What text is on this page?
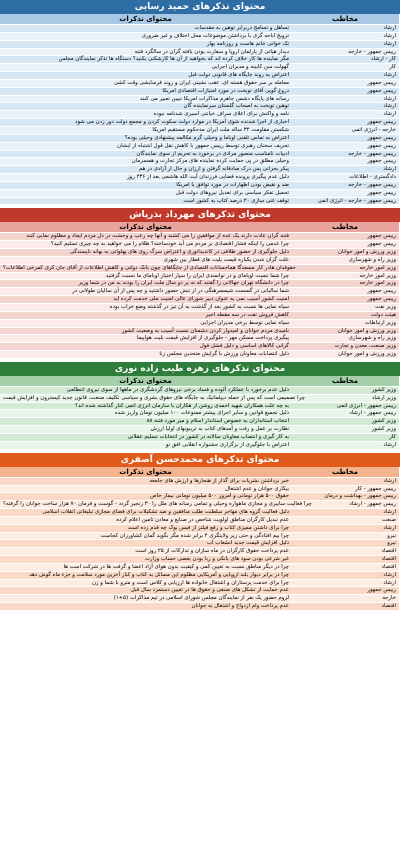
محتوای تذکرهای حمید رسایی
مخاطب
محتوای تذکرات
ارشاد
تساهل و تسامح دربرابر توهین به مقدسات
ارشاد
ترویج اباحه گری با برداشتن موضوعات محل اختلاف و غیر ضروری
ارشاد
تک خوانی خانم هاست و روزنامه بهار
رییس جمهور - خارجه
دیدار هیاتی از پارلمان اروپا و سفارت بودن یافته گران در سالگرد فتنه
کار - ارشاد
مگر نماینده ها کار خلاف کرده اند که بخواهید از آن ها کارشکنی بکنید؟ دستگاه ها تذکر نمایندگان مجلس
کار
گهولت سن کابینه و مدیران اجرایی
ارشاد
اعتراض به روند جایگاه های قانونی دولت قبل
رییس جمهور
معامله بر سر حقوق هسته ای، عقب نشینی ایران و روند فرسایشی وقت کشی
رییس جمهور
دروغ گویی آقای توبخت در مورد امتیازات اقتصادی امریکا
ارشاد
رسانه های پایگاه دشمن جاهرم مذاکرات امریکا تبیین تعبیر می کنند
ارشاد
توهین توبخت به اصحاب گلستان سرنماینده گان
ارشاد
نامه و واکنش برای اعلای سراف خیانتی اسیری شدنامه نبوده
رییس جمهور
اخباری از اجرا شدنده شوی آمریکا در موارد دولت سکوت کردن و مجمع دولت دور زدن می شود
خارجه - انرژی اتمی
شکستن مقاومت ۳۴ ساله ملت ایران مدحکوم مستقیم امریکا
رییس جمهور
اعتراض به تماس تلفنی اوباما و وحیلی گرم مکالمه پیشنهادی وحیلی بوده؟
رییس جمهور
تحریف سخنان رهبری توسط رییس جمهور با کاهش نقل قول اشتباه از ایشان
رییس جمهور - خارجه
ادبیات نامناسب منصور مرادی در برخورد به تحریم از سوی نمایندگان
رییس جمهور
وحیلی مطلق در پی حمایت کرده نماینده های مرکز تجارت و همسرمان
ارشاد
پیکر بحرانی پس درک صادقانه گرفتن و ارزان و حال ار آزادی در هم
دادگستری - اطلاعات
دلیل عدم پیگیری پرونده قضایی فرزندان آیت الله هاشمی بعد از ۴۳۶ روز
رییس جمهور - خارجه
ضد و نقیض بودن اظهارات در مورد توافق با امریکا
رییس جمهور
تحمیل تفکر سیاسی برای تعدیل نیروهای دولت قبل
رییس جمهور - خارجه - انرژی اتمی
توقف غنی سازی ۲۰ درصد کتاب به کشور است
محتوای تذکرهای مهرداد بذرپاش
مخاطب
محتوای تذکرات
رییس جمهور
فتنه گران عادت دارند یک عده از موافقین را می کشند و آنها چه رعب و وحشت در دل مردم ایجاد و مظلوم نمایی کنند
رییس جمهور
چرا عدمی را اینکه فشار اقتصادی بر مردم می آید خودساخته؟ ظلام را می خواهید به چه چیزی تسلیم کنید؟
وزیر ورزش و امور جوانان
دلیل جلوگیری از حضور طلافی در کاندیداتوری و اعتراض سرگ روی های پهلوانی به بهانه ناپسندگی
وزیر راه و شهرسازی
علت گران شدن یکباره قیمت بلیت های قطار بین شهری
وزیر امور خارجه
حقوقدان هادر کار مسعدگا هماحسانات اقتصادی از جایگاهای چون بانک دولتی و کاهش اطلاعات از آقای جان کری کمرخی اطلاعات؟
وزیر امور خارجه
چرا شما نسبت اوبامای و در توانمندی ایران را سپار اختیار اوبامای ما نسبت گرفتید
وزیر امور خارجه
چرا در دانشگاه تهران جهالانی را گفتند که نه بر دو سال ملت ایران را بودند به من در شما وزیر
رییس جمهور
شما سالیانی در گسست شیمسرهنگی در از تنش حضور داشتید و چه پس از آن سالیان طولانی در
رییس جمهور
امنیت کشور آسیب نمی به عنوان دبیر شورای عالی امنیت ملی خدمت کرده اید
وزیر نفت
سیاه نمایی ها نسبت به کشور بعد از گذشت به آن تیز در گذشته وضع خراب بوده
هیئت دولت
کاهش فروش نفت در سه مقطه اخیر
وزیر ارتباطات
سیاه نمایی توسط برخی مدیران اجرایی
وزیر ورزش و امور جوانان
نامیدی مردم جوانان و امیدوار کردن دشمنان نسبت آسیب به وضعیت کشور
وزیر راه و شهرسازی
پیگیری پرداخت مسکن مهر - جلوگیری از افزایش قیمت بلیت هواپیما
وزیر صنعت، معدن و تجارت
گرانی کالاهای اساسی و دلیل فشل فول
وزیر ورزش و امور جوانان
دلیل انتصابات معاونان ورزش با گرایش متحدین مجلس زنا
محتوای تذکرهای زهره طیب زاده نوری
مخاطب
محتوای تذکرات
وزیر کشور
دلیل عدم برخورد با عملکرد آلوده و فساد برخی نیروهای گردشگری در ماهها از سوی نیروی انتظامی
وزیر ارشاد
چرا تصمیمی است که پس از حمله دیپلماتیک به جایگاه های حقوق بشری و سیاسی تکلیف صنعت، قانون جدید کیسترون و افزایش قیمت
رییس جمهور - انرژی اتمی
به چه علت همکاران شهید احمدی روشن از هکاران با سازمان انرژی اتمی کنار گذاشته شده اند؟
رییس جمهور - ارشاد
دلیل تجمیع قوانین و سایر اجرای پیشتر ممنوعات ۱۰۰ میلیون تومان واریز شده
وزیر کشور
انتخاب استانداران به خصوص استاندار اسلام و میر مورد فتنه ۸۸
وزیر کشور
نظارت بر عمل و رفت و آمدهای کتاب به تریبونهای اولیا ارزش
کار
به کار گیری و انتصاب معاونان سالانه در کشور در انتخابات تسلیم عقلانی
ارشاد
اعتراض با جلوگیری از برگزاری جشنواره انقلابی افق نو
محتوای تذکرهای محمدحسن آصفری
مخاطب
محتوای تذکرات
ارشاد
خبر برداشتن نشریات برای گذار از هنجارها و ارزش های جامعه
رییس جمهور - کار
بیکاری جوانان و عدم اشتغال
رییس جمهور - بهداشت و درمان
حقوق ۵۰۰ هزار تومانی و امروز ۵۰۰ میلیون تومانی بیمار خاص
رییس جمهور - ارشاد
چرا فعالیت سایبری و مجازی ماهواره وحیلی و تمامی رسانه های ملل را ۳۰ زنجیر گردد - گوست و فرمان ۷۰ هزار ساخت جوانان را گرفته؟
ارشاد
دلیل فعالیت گروه های مهاجر سلطنت طلب منافقین و ضد تشکیلات برای فضای مجازی تبلیغاتی انقلاب اسلامی
صنعت
عدم تبدیل کارگران مناطق اولویت شاخص در صنایع و معادن تامین اعلام کرده
ارشاد
چرا برای داشتن ممیزی کتاب و رفع فیلتر از فیس بوک چه قدم زده است
نیرو
چرا بیم افتادگی و حتی زیر ولایتگری ۴ برابر شده مگر بگوید گمان کشاورزان کجاست
نیرو
دلیل افزایش قیمت جدید انشعاب آب
اقتصاد
عدم پرداخت حقوق کارگران در ماه سازان و تدارکات از ۲۵ روز است
اقتصاد
غیر شرعی بودن سود های بانکی و ربا بودن بعضی حساب وزارت
اقتصاد
چرا در دیگر مناطق نسبت به تعیین کمی و کیفیت بدون هوای آزاد اعضا و گرفت ها در شرکت است ها
ارشاد
چرا در برابر دیوار بلند اروپایی و آمریکایی مظلوم این مسائل به کتاب و کنار آخرین مورد سلامت و جزء ماه گوش دهد
ارشاد
چرا برای خدمت پرستاران و اشتغال خانواده ها ارزیابی و کلاس است و مترو با شما و زن
رییس جمهور
عدم حمایت از تشکل های صنفی و حقوق ها در تعیین دستمزد سال قبل
خارجه
لزوم حضور یک نفر از نمایندگان مجلس شورای اسلامی در تیم مذاکرات (۵+۱)
اقتصاد
عدم پرداخت وام ازدواج و اشتغال به جوانان
